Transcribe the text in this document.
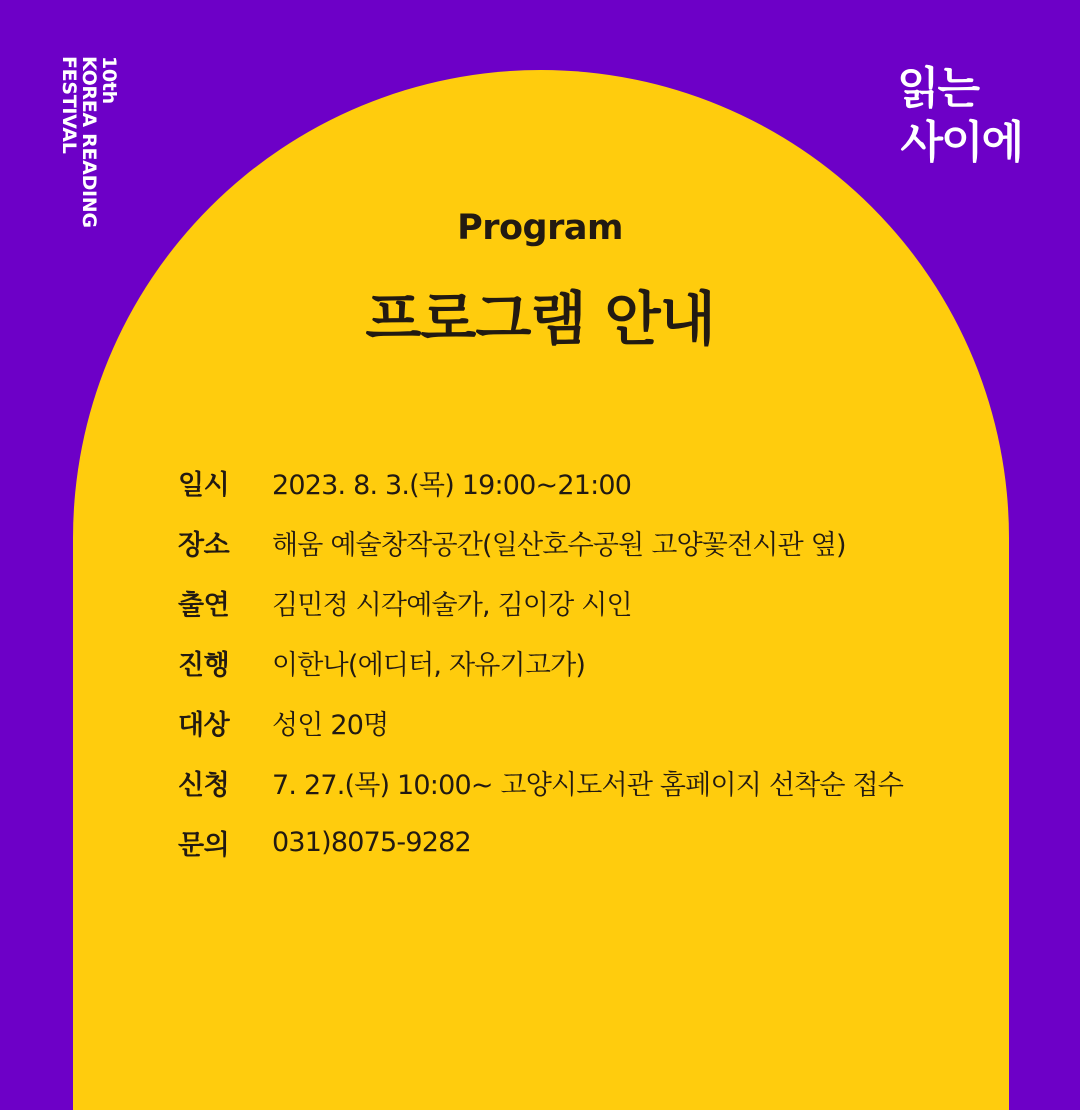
10th
KOREA READING
FESTIVAL	읽는
사이에
Program
프로그램 안내
일시	2023. 8. 3.(목) 19:00~21:00
장소	해움 예술창작공간(일산호수공원 고양꽃전시관 옆)
출연	김민정 시각예술가, 김이강 시인
진행	이한나(에디터, 자유기고가)
대상	성인 20명
신청	7. 27.(목) 10:00~ 고양시도서관 홈페이지 선착순 접수
문의	031)8075-9282
